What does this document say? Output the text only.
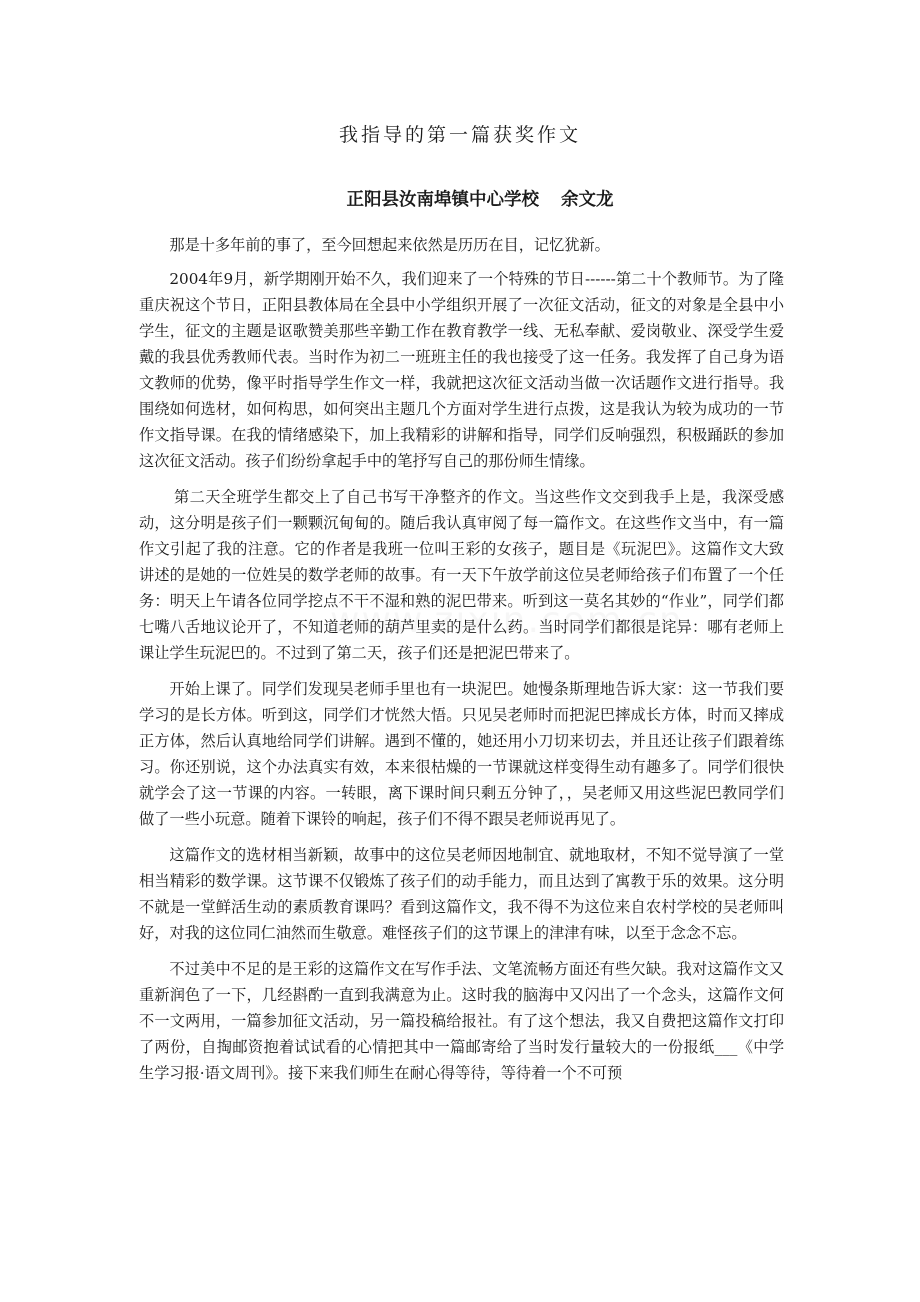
我指导的第一篇获奖作文
正阳县汝南埠镇中心学校 余文龙

那是十多年前的事了，至今回想起来依然是历历在目，记忆犹新。

2004年9月，新学期刚开始不久，我们迎来了一个特殊的节日------第二十个教师节。为了隆重庆祝这个节日，正阳县教体局在全县中小学组织开展了一次征文活动，征文的对象是全县中小学生，征文的主题是讴歌赞美那些辛勤工作在教育教学一线、无私奉献、爱岗敬业、深受学生爱戴的我县优秀教师代表。当时作为初二一班班主任的我也接受了这一任务。我发挥了自己身为语文教师的优势，像平时指导学生作文一样，我就把这次征文活动当做一次话题作文进行指导。我围绕如何选材，如何构思，如何突出主题几个方面对学生进行点拨，这是我认为较为成功的一节作文指导课。在我的情绪感染下，加上我精彩的讲解和指导，同学们反响强烈，积极踊跃的参加这次征文活动。孩子们纷纷拿起手中的笔抒写自己的那份师生情缘。

第二天全班学生都交上了自己书写干净整齐的作文。当这些作文交到我手上是，我深受感动，这分明是孩子们一颗颗沉甸甸的。随后我认真审阅了每一篇作文。在这些作文当中，有一篇作文引起了我的注意。它的作者是我班一位叫王彩的女孩子，题目是《玩泥巴》。这篇作文大致讲述的是她的一位姓吴的数学老师的故事。有一天下午放学前这位吴老师给孩子们布置了一个任务：明天上午请各位同学挖点不干不湿和熟的泥巴带来。听到这一莫名其妙的“作业”，同学们都七嘴八舌地议论开了，不知道老师的葫芦里卖的是什么药。当时同学们都很是诧异：哪有老师上课让学生玩泥巴的。不过到了第二天，孩子们还是把泥巴带来了。

开始上课了。同学们发现吴老师手里也有一块泥巴。她慢条斯理地告诉大家：这一节我们要学习的是长方体。听到这，同学们才恍然大悟。只见吴老师时而把泥巴摔成长方体，时而又摔成正方体，然后认真地给同学们讲解。遇到不懂的，她还用小刀切来切去，并且还让孩子们跟着练习。你还别说，这个办法真实有效，本来很枯燥的一节课就这样变得生动有趣多了。同学们很快就学会了这一节课的内容。一转眼，离下课时间只剩五分钟了，，吴老师又用这些泥巴教同学们做了一些小玩意。随着下课铃的响起，孩子们不得不跟吴老师说再见了。

这篇作文的选材相当新颖，故事中的这位吴老师因地制宜、就地取材，不知不觉导演了一堂相当精彩的数学课。这节课不仅锻炼了孩子们的动手能力，而且达到了寓教于乐的效果。这分明不就是一堂鲜活生动的素质教育课吗？看到这篇作文，我不得不为这位来自农村学校的吴老师叫好，对我的这位同仁油然而生敬意。难怪孩子们的这节课上的津津有味，以至于念念不忘。

不过美中不足的是王彩的这篇作文在写作手法、文笔流畅方面还有些欠缺。我对这篇作文又重新润色了一下，几经斟酌一直到我满意为止。这时我的脑海中又闪出了一个念头，这篇作文何不一文两用，一篇参加征文活动，另一篇投稿给报社。有了这个想法，我又自费把这篇作文打印了两份，自掏邮资抱着试试看的心情把其中一篇邮寄给了当时发行量较大的一份报纸___《中学生学习报·语文周刊》。接下来我们师生在耐心得等待，等待着一个不可预
